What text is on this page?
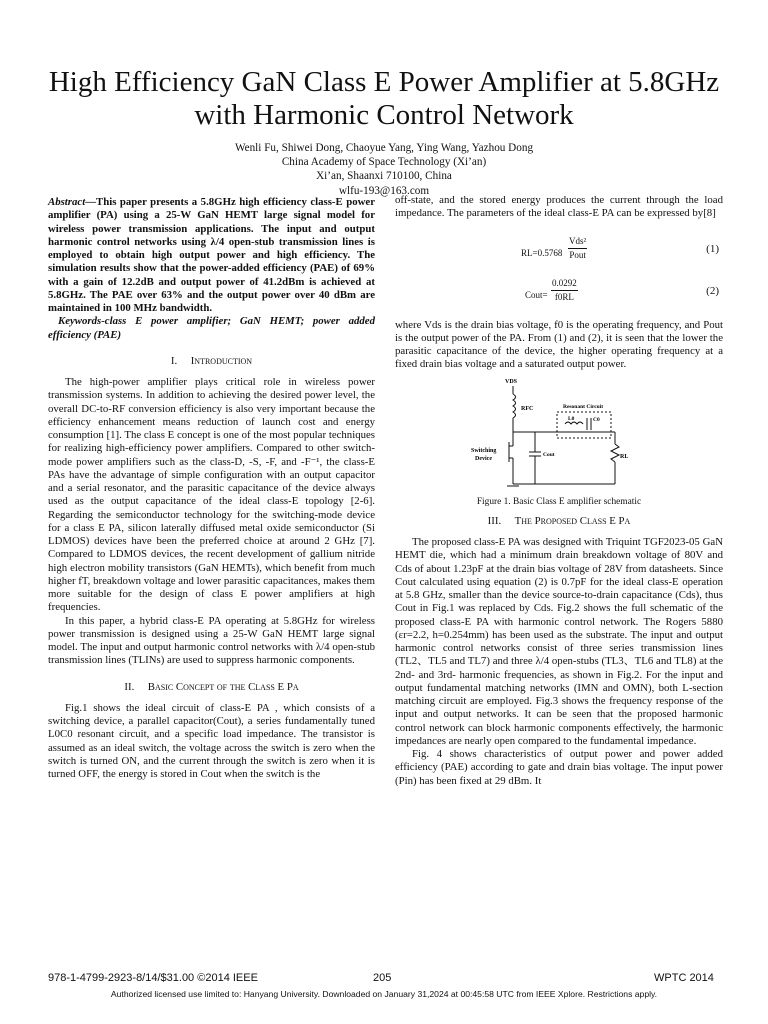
High Efficiency GaN Class E Power Amplifier at 5.8GHz with Harmonic Control Network
Wenli Fu, Shiwei Dong, Chaoyue Yang, Ying Wang, Yazhou Dong
China Academy of Space Technology (Xi’an)
Xi’an, Shaanxi 710100, China
wlfu-193@163.com

Abstract—This paper presents a 5.8GHz high efficiency class-E power amplifier (PA) using a 25-W GaN HEMT large signal model for wireless power transmission applications. The input and output harmonic control networks using λ/4 open-stub transmission lines is employed to obtain high output power and high efficiency. The simulation results show that the power-added efficiency (PAE) of 69% with a gain of 12.2dB and output power of 41.2dBm is achieved at 5.8GHz. The PAE over 63% and the output power over 40 dBm are maintained in 100 MHz bandwidth.

Keywords-class E power amplifier; GaN HEMT; power added efficiency (PAE)

I. Introduction

The high-power amplifier plays critical role in wireless power transmission systems. In addition to achieving the desired power level, the overall DC-to-RF conversion efficiency is also very important because the efficiency enhancement means reduction of launch cost and energy consumption [1]. The class E concept is one of the most popular techniques for realizing high-efficiency power amplifiers. Compared to other switch-mode power amplifiers such as the class-D, -S, -F, and -F⁻¹, the class-E PAs have the advantage of simple configuration with an output capacitor and a serial resonator, and the parasitic capacitance of the device always used as the output capacitance of the ideal class-E topology [2-6]. Regarding the semiconductor technology for the switching-mode device for a class E PA, silicon laterally diffused metal oxide semiconductor (Si LDMOS) devices have been the preferred choice at around 2 GHz [7]. Compared to LDMOS devices, the recent development of gallium nitride high electron mobility transistors (GaN HEMTs), which benefit from much higher fT, breakdown voltage and lower parasitic capacitances, makes them more suitable for the design of class E power amplifiers at high frequencies.

In this paper, a hybrid class-E PA operating at 5.8GHz for wireless power transmission is designed using a 25-W GaN HEMT large signal model. The input and output harmonic control networks with λ/4 open-stub transmission lines (TLINs) are used to suppress harmonic components.

II. Basic Concept of the Class E Pa

Fig.1 shows the ideal circuit of class-E PA , which consists of a switching device, a parallel capacitor(Cout), a series fundamentally tuned L0C0 resonant circuit, and a specific load impedance. The transistor is assumed as an ideal switch, the voltage across the switch is zero when the switch is turned ON, and the current through the switch is zero when it is turned OFF, the energy is stored in Cout when the switch is the

off-state, and the stored energy produces the current through the load impedance. The parameters of the ideal class-E PA can be expressed by[8]

RL=0.5768
Vds²
Pout
(1)
Cout= $\frac{0.0292}{f0RL}$	(2)

where Vds is the drain bias voltage, f0 is the operating frequency, and Pout is the output power of the PA. From (1) and (2), it is seen that the lower the parasitic capacitance of the device, the higher operating frequency at a fixed drain bias voltage and a saturated output power.

VDS
RFC	Resonant Circuit
L0	C0
RL
Cout
Switching
Device

Figure 1. Basic Class E amplifier schematic

III. The Proposed Class E Pa

The proposed class-E PA was designed with Triquint TGF2023-05 GaN HEMT die, which had a minimum drain breakdown voltage of 80V and Cds of about 1.23pF at the drain bias voltage of 28V from datasheets. Since Cout calculated using equation (2) is 0.7pF for the ideal class-E operation at 5.8 GHz, smaller than the device source-to-drain capacitance (Cds), thus Cout in Fig.1 was replaced by Cds. Fig.2 shows the full schematic of the proposed class-E PA with harmonic control network. The Rogers 5880 (εr=2.2, h=0.254mm) has been used as the substrate. The input and output harmonic control networks consist of three series transmission lines (TL2、TL5 and TL7) and three λ/4 open-stubs (TL3、TL6 and TL8) at the 2nd- and 3rd- harmonic frequencies, as shown in Fig.2. For the input and output fundamental matching networks (IMN and OMN), both L-section matching circuit are employed. Fig.3 shows the frequency response of the input and output networks. It can be seen that the proposed harmonic control network can block harmonic components effectively, the harmonic impedances are nearly open compared to the fundamental impedance.

Fig. 4 shows characteristics of output power and power added efficiency (PAE) according to gate and drain bias voltage. The input power (Pin) has been fixed at 29 dBm. It

978-1-4799-2923-8/14/$31.00 ©2014 IEEE	205	WPTC 2014
Authorized licensed use limited to: Hanyang University. Downloaded on January 31,2024 at 00:45:58 UTC from IEEE Xplore. Restrictions apply.
